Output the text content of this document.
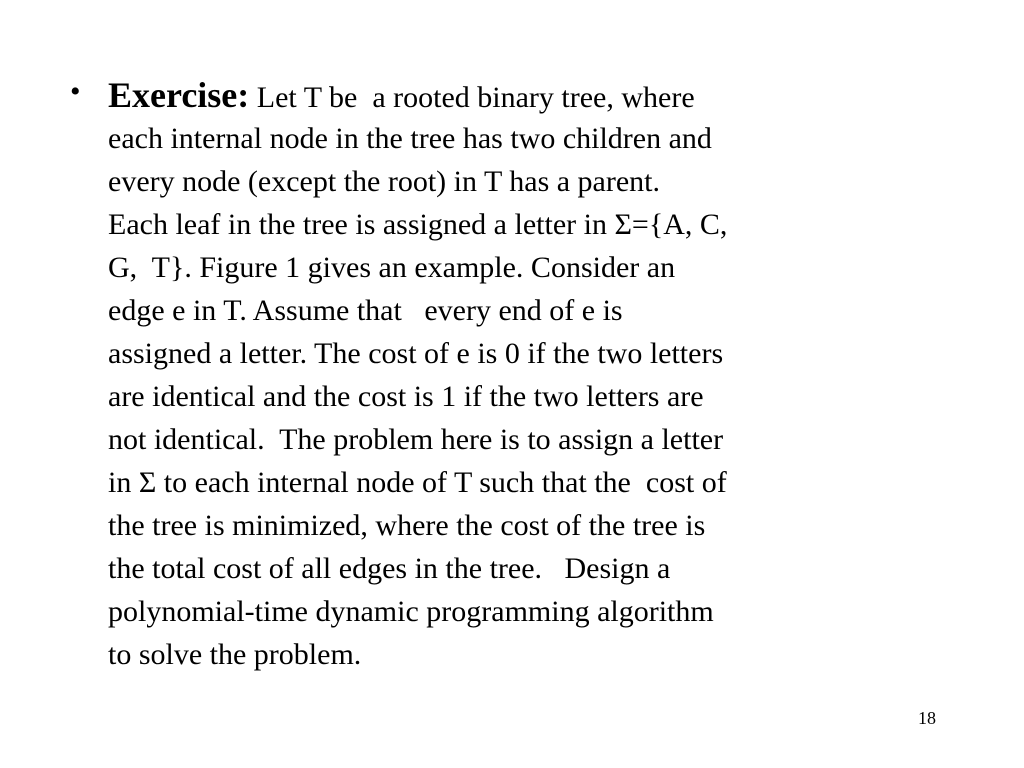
• Exercise: Let T be  a rooted binary tree, where
each internal node in the tree has two children and
every node (except the root) in T has a parent.
Each leaf in the tree is assigned a letter in Σ={A, C,
G,  T}. Figure 1 gives an example. Consider an
edge e in T. Assume that   every end of e is
assigned a letter. The cost of e is 0 if the two letters
are identical and the cost is 1 if the two letters are
not identical.  The problem here is to assign a letter
in Σ to each internal node of T such that the  cost of
the tree is minimized, where the cost of the tree is
the total cost of all edges in the tree.   Design a
polynomial-time dynamic programming algorithm
to solve the problem.
18
